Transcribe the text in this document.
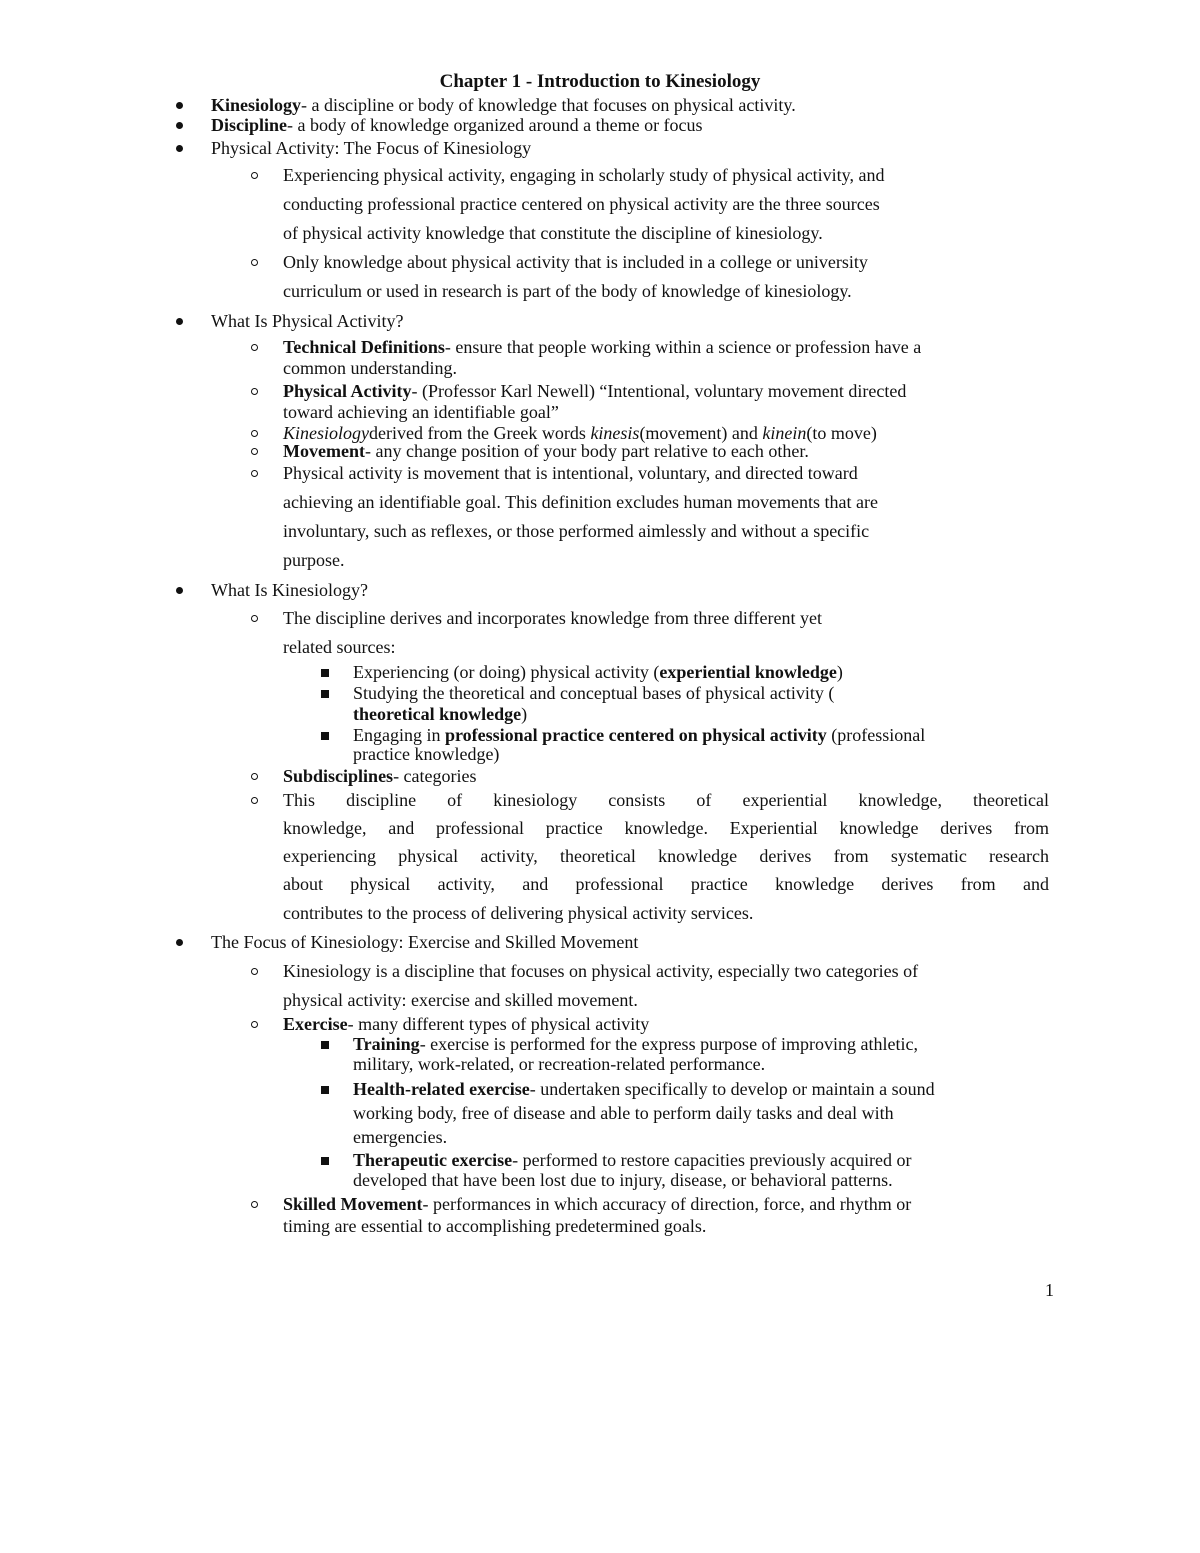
Chapter 1 - Introduction to Kinesiology
Kinesiology- a discipline or body of knowledge that focuses on physical activity.
Discipline- a body of knowledge organized around a theme or focus
Physical Activity: The Focus of Kinesiology
Experiencing physical activity, engaging in scholarly study of physical activity, and
conducting professional practice centered on physical activity are the three sources
of physical activity knowledge that constitute the discipline of kinesiology.
Only knowledge about physical activity that is included in a college or university
curriculum or used in research is part of the body of knowledge of kinesiology.
What Is Physical Activity?
Technical Definitions- ensure that people working within a science or profession have a
common understanding.
Physical Activity- (Professor Karl Newell) “Intentional, voluntary movement directed
toward achieving an identifiable goal”
Kinesiologyderived from the Greek words kinesis(movement) and kinein(to move)
Movement- any change position of your body part relative to each other.
Physical activity is movement that is intentional, voluntary, and directed toward
achieving an identifiable goal. This definition excludes human movements that are
involuntary, such as reflexes, or those performed aimlessly and without a specific
purpose.
What Is Kinesiology?
The discipline derives and incorporates knowledge from three different yet
related sources:
Experiencing (or doing) physical activity (experiential knowledge)
Studying the theoretical and conceptual bases of physical activity (
theoretical knowledge)
Engaging in professional practice centered on physical activity (professional
practice knowledge)
Subdisciplines- categories
This discipline of kinesiology consists of experiential knowledge, theoretical
knowledge, and professional practice knowledge. Experiential knowledge derives from
experiencing physical activity, theoretical knowledge derives from systematic research
about physical activity, and professional practice knowledge derives from and
contributes to the process of delivering physical activity services.
The Focus of Kinesiology: Exercise and Skilled Movement
Kinesiology is a discipline that focuses on physical activity, especially two categories of
physical activity: exercise and skilled movement.
Exercise- many different types of physical activity
Training- exercise is performed for the express purpose of improving athletic,
military, work-related, or recreation-related performance.
Health-related exercise- undertaken specifically to develop or maintain a sound
working body, free of disease and able to perform daily tasks and deal with
emergencies.
Therapeutic exercise- performed to restore capacities previously acquired or
developed that have been lost due to injury, disease, or behavioral patterns.
Skilled Movement- performances in which accuracy of direction, force, and rhythm or
timing are essential to accomplishing predetermined goals.
1
